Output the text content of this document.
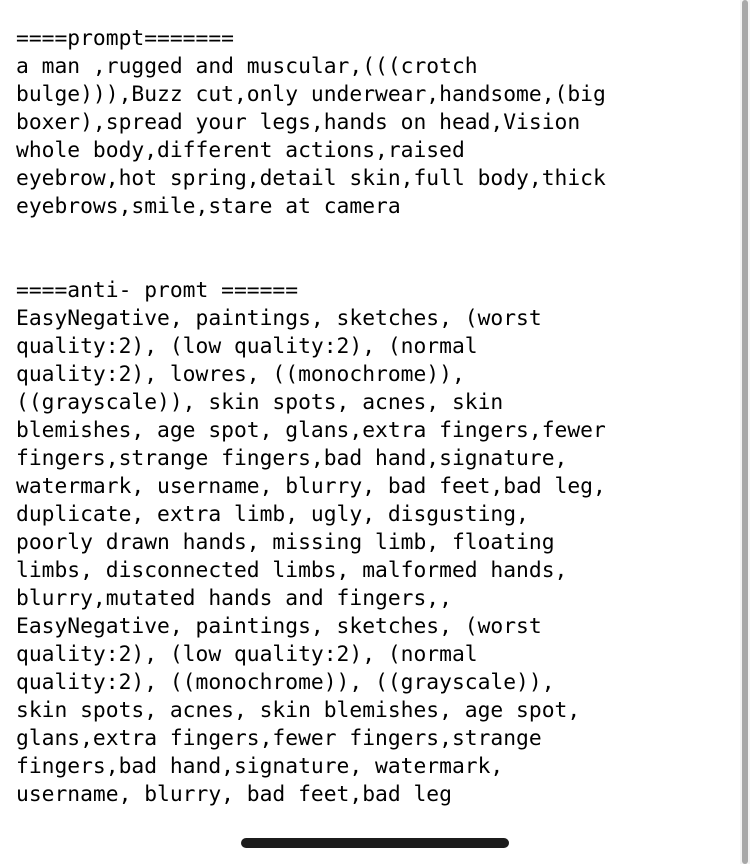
====prompt=======
a man ,rugged and muscular,(((crotch
bulge))),Buzz cut,only underwear,handsome,(big
boxer),spread your legs,hands on head,Vision
whole body,different actions,raised
eyebrow,hot spring,detail skin,full body,thick
eyebrows,smile,stare at camera
====anti- promt ======
EasyNegative, paintings, sketches, (worst
quality:2), (low quality:2), (normal
quality:2), lowres, ((monochrome)),
((grayscale)), skin spots, acnes, skin
blemishes, age spot, glans,extra fingers,fewer
fingers,strange fingers,bad hand,signature,
watermark, username, blurry, bad feet,bad leg,
duplicate, extra limb, ugly, disgusting,
poorly drawn hands, missing limb, floating
limbs, disconnected limbs, malformed hands,
blurry,mutated hands and fingers,,
EasyNegative, paintings, sketches, (worst
quality:2), (low quality:2), (normal
quality:2), ((monochrome)), ((grayscale)),
skin spots, acnes, skin blemishes, age spot,
glans,extra fingers,fewer fingers,strange
fingers,bad hand,signature, watermark,
username, blurry, bad feet,bad leg
